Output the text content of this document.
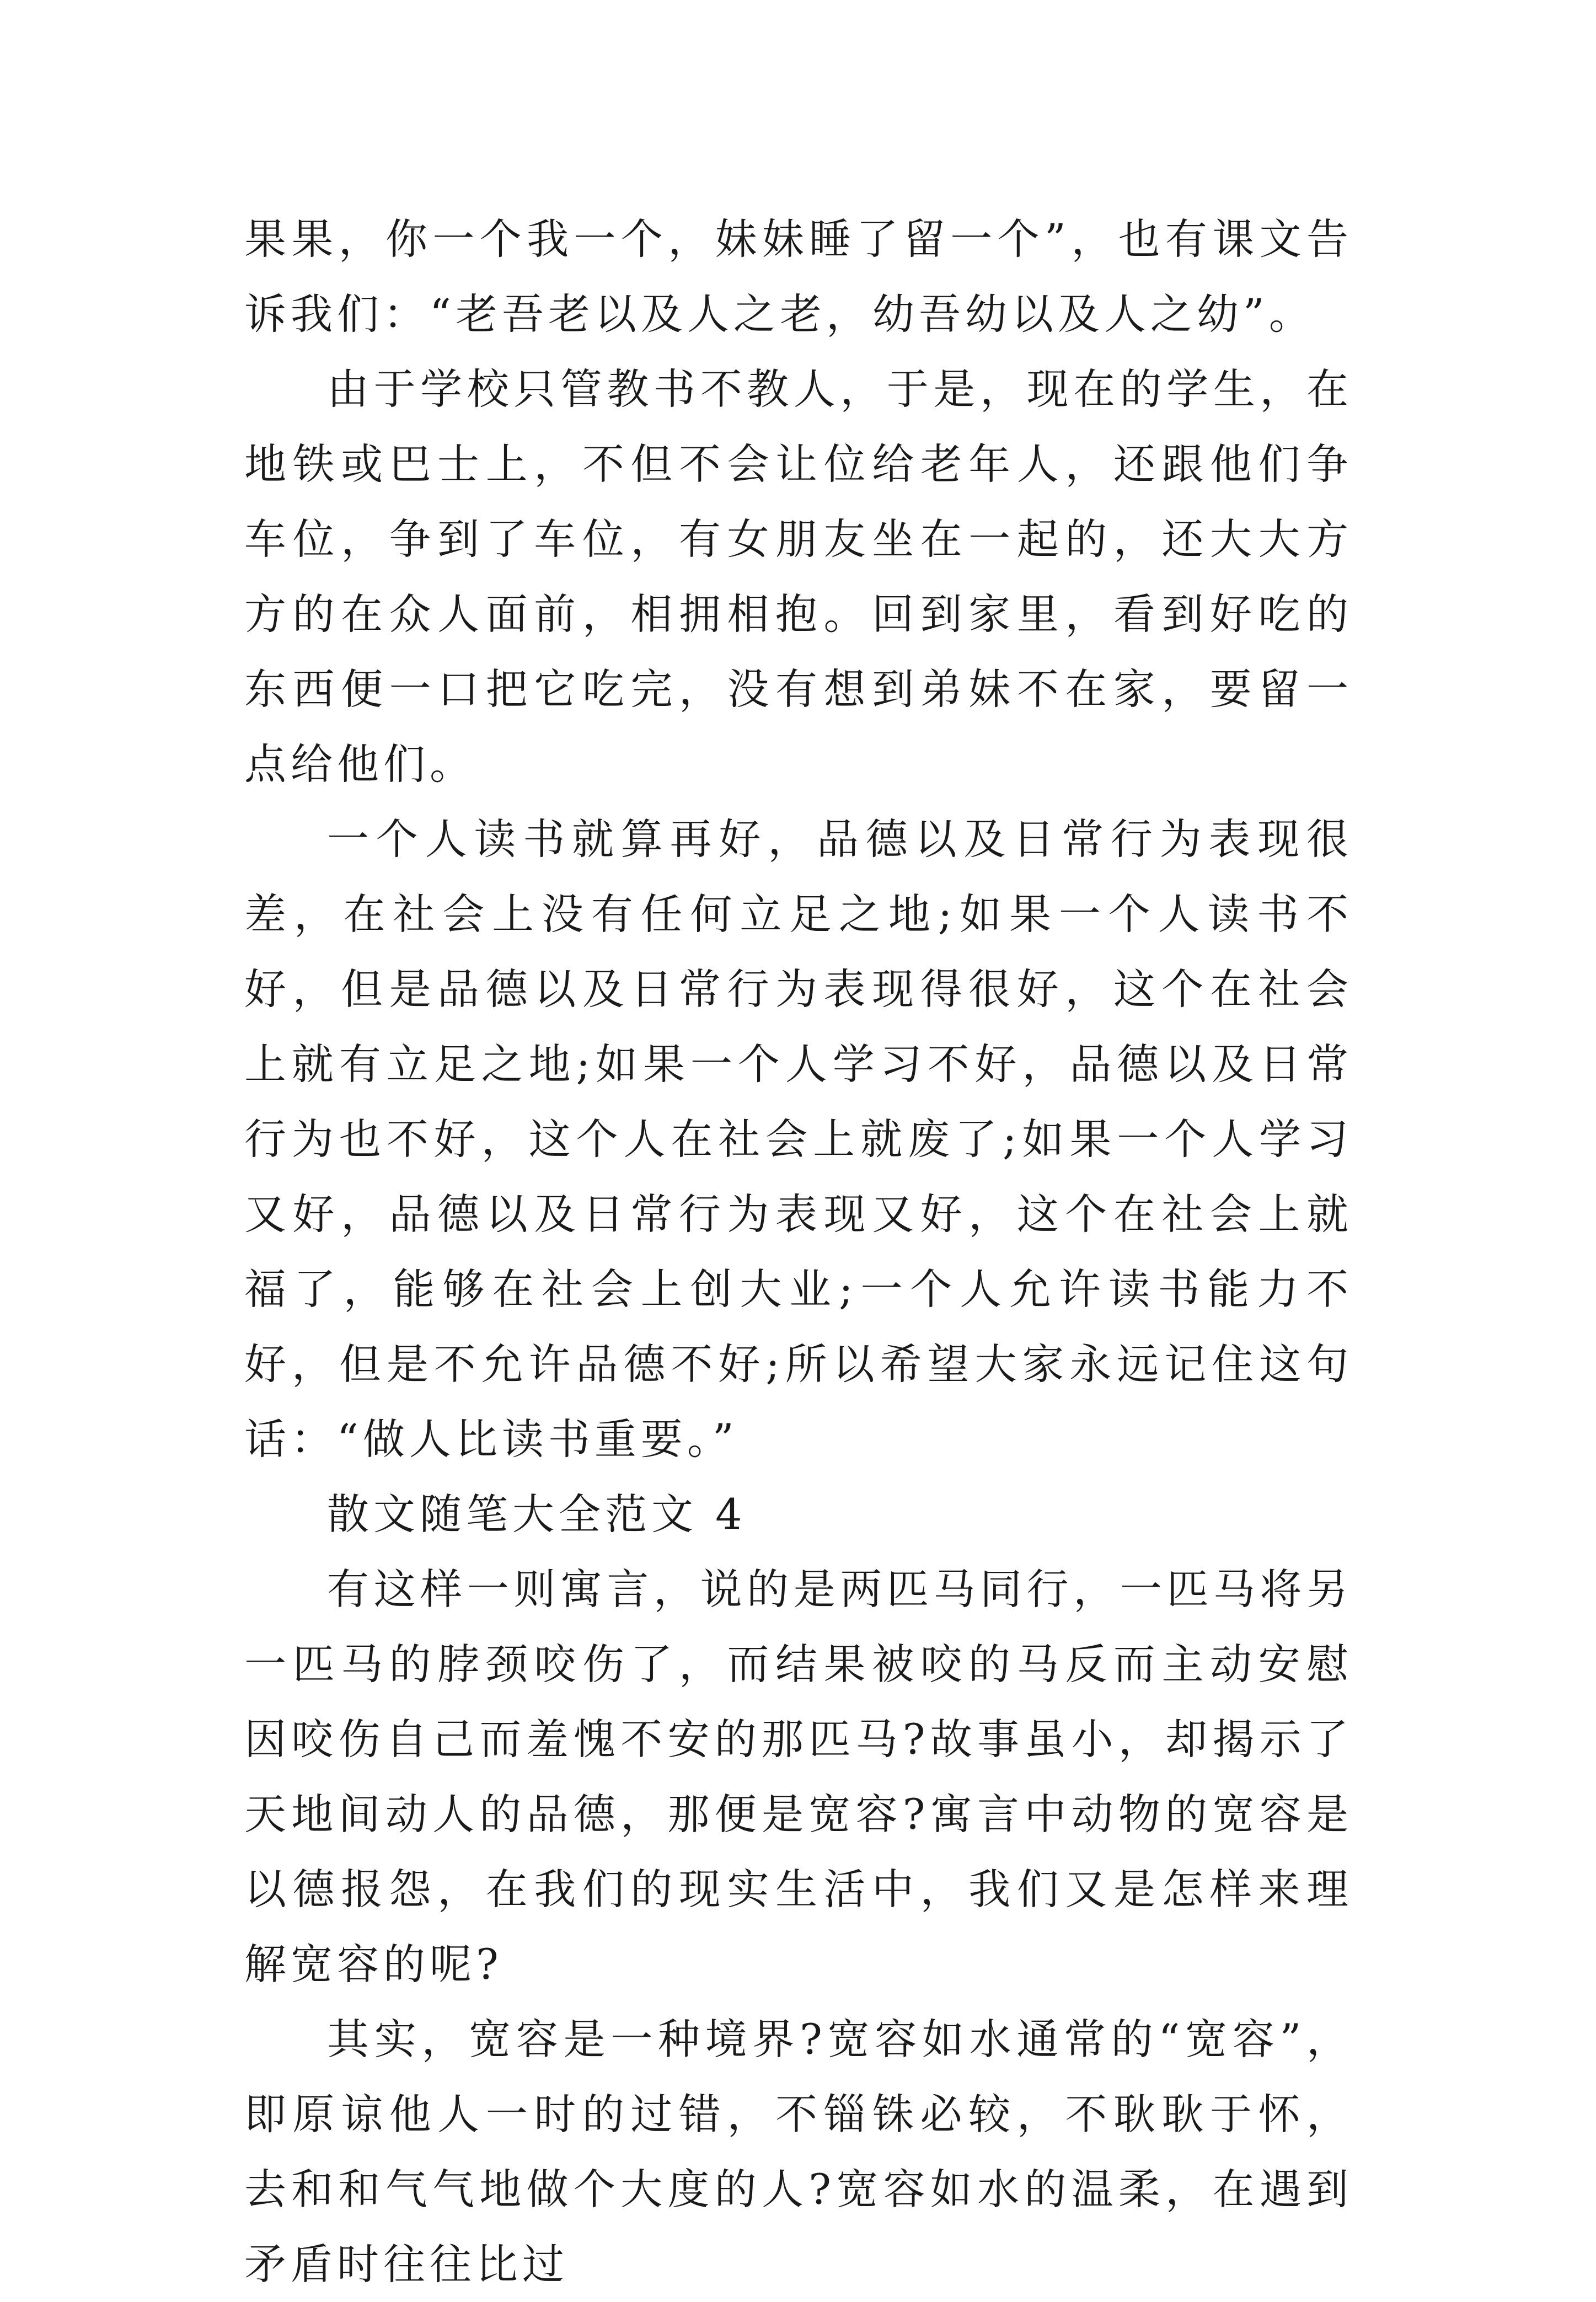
果果，你一个我一个，妹妹睡了留一个”，也有课文告诉我们：“老吾老以及人之老，幼吾幼以及人之幼”。

由于学校只管教书不教人，于是，现在的学生，在地铁或巴士上，不但不会让位给老年人，还跟他们争车位，争到了车位，有女朋友坐在一起的，还大大方方的在众人面前，相拥相抱。回到家里，看到好吃的东西便一口把它吃完，没有想到弟妹不在家，要留一点给他们。

一个人读书就算再好，品德以及日常行为表现很差，在社会上没有任何立足之地;如果一个人读书不好，但是品德以及日常行为表现得很好，这个在社会上就有立足之地;如果一个人学习不好，品德以及日常行为也不好，这个人在社会上就废了;如果一个人学习又好，品德以及日常行为表现又好，这个在社会上就福了，能够在社会上创大业;一个人允许读书能力不好，但是不允许品德不好;所以希望大家永远记住这句话：“做人比读书重要。”

散文随笔大全范文 4

有这样一则寓言，说的是两匹马同行，一匹马将另一匹马的脖颈咬伤了，而结果被咬的马反而主动安慰因咬伤自己而羞愧不安的那匹马?故事虽小，却揭示了天地间动人的品德，那便是宽容?寓言中动物的宽容是以德报怨，在我们的现实生活中，我们又是怎样来理解宽容的呢?

其实，宽容是一种境界?宽容如水通常的“宽容”，即原谅他人一时的过错，不锱铢必较，不耿耿于怀，去和和气气地做个大度的人?宽容如水的温柔，在遇到矛盾时往往比过
